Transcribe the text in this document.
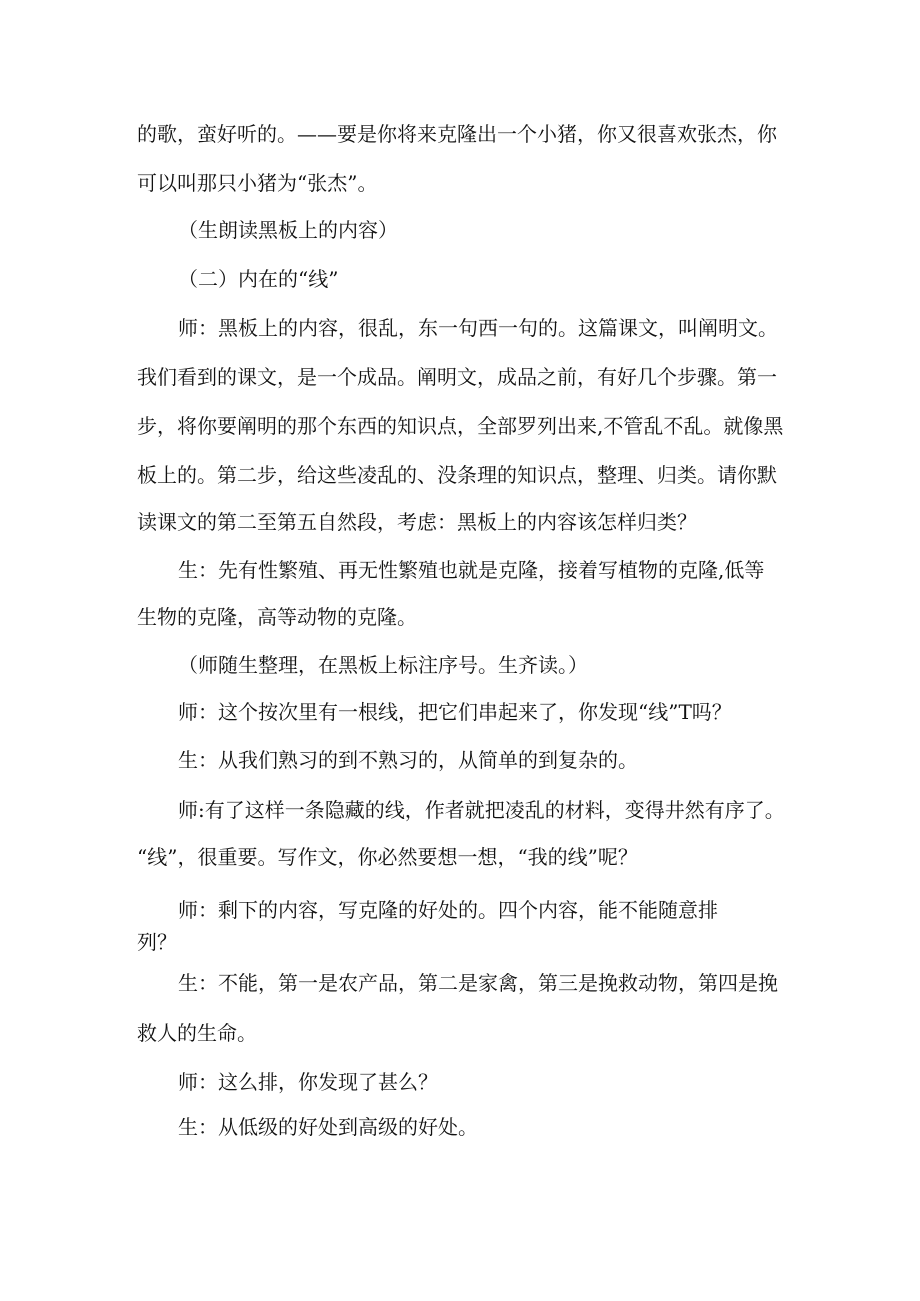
的歌，蛮好听的。——要是你将来克隆出一个小猪，你又很喜欢张杰，你
可以叫那只小猪为“张杰”。
（生朗读黑板上的内容）
（二）内在的“线”
师：黑板上的内容，很乱，东一句西一句的。这篇课文，叫阐明文。
我们看到的课文，是一个成品。阐明文，成品之前，有好几个步骤。第一
步，将你要阐明的那个东西的知识点，全部罗列出来,不管乱不乱。就像黑
板上的。第二步，给这些凌乱的、没条理的知识点，整理、归类。请你默
读课文的第二至第五自然段，考虑：黑板上的内容该怎样归类？
生：先有性繁殖、再无性繁殖也就是克隆，接着写植物的克隆,低等
生物的克隆，高等动物的克隆。
（师随生整理，在黑板上标注序号。生齐读。）
师：这个按次里有一根线，把它们串起来了，你发现“线”T吗？
生：从我们熟习的到不熟习的，从简单的到复杂的。
师:有了这样一条隐藏的线，作者就把凌乱的材料，变得井然有序了。
“线”，很重要。写作文，你必然要想一想，“我的线”呢？
师：剩下的内容，写克隆的好处的。四个内容，能不能随意排
列？
生：不能，第一是农产品，第二是家禽，第三是挽救动物，第四是挽
救人的生命。
师：这么排，你发现了甚么？
生：从低级的好处到高级的好处。
